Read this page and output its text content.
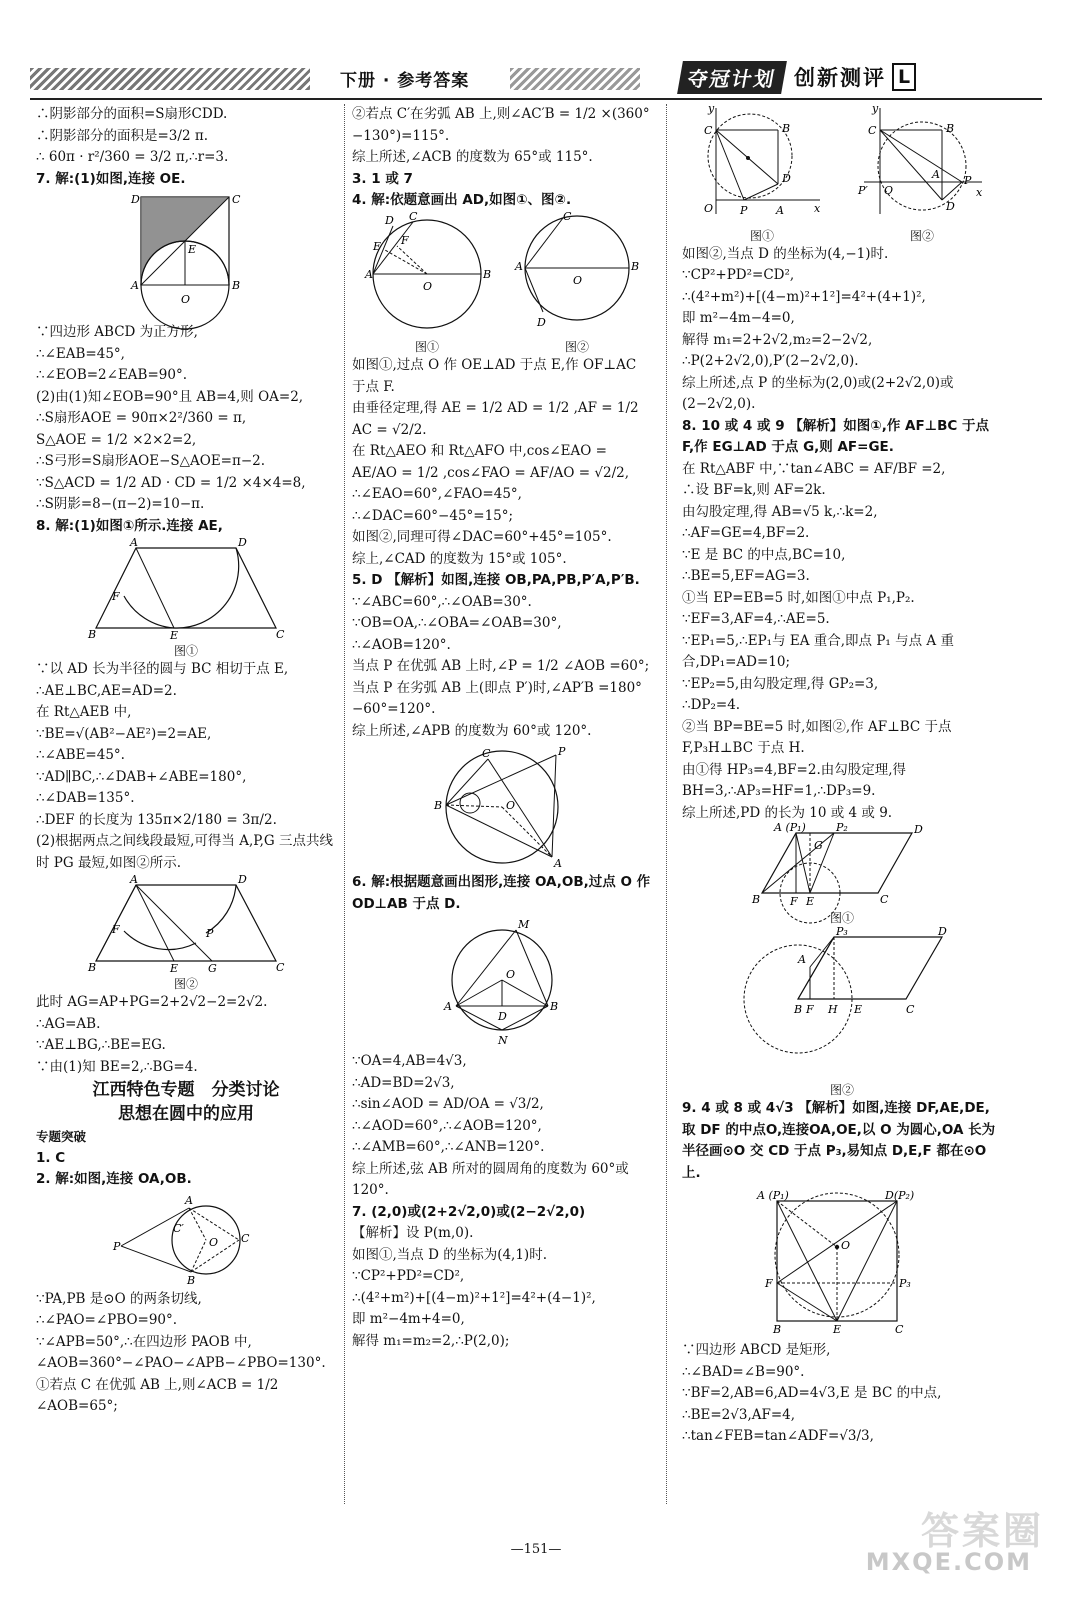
下册 · 参考答案	夺冠计划 创新测评 L

∴阴影部分的面积=S扇形CDD.

∴阴影部分的面积是=3/2 π.

∴ 60π · r²/360 = 3/2 π,∴r=3.

7. 解:(1)如图,连接 OE.

D	C
E
A	B
O

∵四边形 ABCD 为正方形,

∴∠EAB=45°,

∴∠EOB=2∠EAB=90°.

(2)由(1)知∠EOB=90°且 AB=4,则 OA=2,

∴S扇形AOE = 90π×2²/360 = π,

S△AOE = 1/2 ×2×2=2,

∴S弓形=S扇形AOE−S△AOE=π−2.

∵S△ACD = 1/2 AD · CD = 1/2 ×4×4=8,

∴S阴影=8−(π−2)=10−π.

8. 解:(1)如图①所示.连接 AE,

A	D
F
B	E	C

图①

∵以 AD 长为半径的圆与 BC 相切于点 E,

∴AE⊥BC,AE=AD=2.

在 Rt△AEB 中,

∵BE=√(AB²−AE²)=2=AE,

∴∠ABE=45°.

∵AD∥BC,∴∠DAB+∠ABE=180°,

∴∠DAB=135°.

∴DEF 的长度为 135π×2/180 = 3π/2.

(2)根据两点之间线段最短,可得当 A,P,G 三点共线时 PG 最短,如图②所示.

A	D
F	P
B	E	G	C

图②

此时 AG=AP+PG=2+2√2−2=2√2.

∴AG=AB.

∵AE⊥BG,∴BE=EG.

∵由(1)知 BE=2,∴BG=4.

江西特色专题　分类讨论

思想在圆中的应用

专题突破

1. C

2. 解:如图,连接 OA,OB.

A
C′
C
O
P
B

∵PA,PB 是⊙O 的两条切线,

∴∠PAO=∠PBO=90°.

∵∠APB=50°,∴在四边形 PAOB 中,

∠AOB=360°−∠PAO−∠APB−∠PBO=130°.

①若点 C 在优弧 AB 上,则∠ACB = 1/2 ∠AOB=65°;

②若点 C′在劣弧 AB 上,则∠AC′B = 1/2 ×(360°−130°)=115°.

综上所述,∠ACB 的度数为 65°或 115°.

3. 1 或 7

4. 解:依题意画出 AD,如图①、图②.

C
D
E F
A	B
O

图①

C
A	B
O
D

图②

如图①,过点 O 作 OE⊥AD 于点 E,作 OF⊥AC 于点 F.

由垂径定理,得 AE = 1/2 AD = 1/2 ,AF = 1/2 AC = √2/2.

在 Rt△AEO 和 Rt△AFO 中,cos∠EAO = AE/AO = 1/2 ,cos∠FAO = AF/AO = √2/2,

∴∠EAO=60°,∠FAO=45°,

∴∠DAC=60°−45°=15°;

如图②,同理可得∠DAC=60°+45°=105°.

综上,∠CAD 的度数为 15°或 105°.

5. D 【解析】如图,连接 OB,PA,PB,P′A,P′B.

∵∠ABC=60°,∴∠OAB=30°.

∵OB=OA,∴∠OBA=∠OAB=30°,

∴∠AOB=120°.

当点 P 在优弧 AB 上时,∠P = 1/2 ∠AOB =60°;

当点 P 在劣弧 AB 上(即点 P′)时,∠AP′B =180°−60°=120°.

综上所述,∠APB 的度数为 60°或 120°.

C	P
B	O
A

6. 解:根据题意画出图形,连接 OA,OB,过点 O 作 OD⊥AB 于点 D.

M
O
A	B
D
N

∵OA=4,AB=4√3,

∴AD=BD=2√3,

∴sin∠AOD = AD/OA = √3/2,

∴∠AOD=60°,∴∠AOB=120°,

∴∠AMB=60°,∴∠ANB=120°.

综上所述,弦 AB 所对的圆周角的度数为 60°或 120°.

7. (2,0)或(2+2√2,0)或(2−2√2,0)

【解析】设 P(m,0).

如图①,当点 D 的坐标为(4,1)时.

∵CP²+PD²=CD²,

∴(4²+m²)+[(4−m)²+1²]=4²+(4−1)²,

即 m²−4m+4=0,

解得 m₁=m₂=2,∴P(2,0);

y
C	B
D
O P	A	x

图①

y
C	B
P′ O
A P
D
x

图②

如图②,当点 D 的坐标为(4,−1)时.

∵CP²+PD²=CD²,

∴(4²+m²)+[(4−m)²+1²]=4²+(4+1)²,

即 m²−4m−4=0,

解得 m₁=2+2√2,m₂=2−2√2,

∴P(2+2√2,0),P′(2−2√2,0).

综上所述,点 P 的坐标为(2,0)或(2+2√2,0)或(2−2√2,0).

8. 10 或 4 或 9 【解析】如图①,作 AF⊥BC 于点 F,作 EG⊥AD 于点 G,则 AF=GE.

在 Rt△ABF 中,∵tan∠ABC = AF/BF =2,

∴设 BF=k,则 AF=2k.

由勾股定理,得 AB=√5 k,∴k=2,

∴AF=GE=4,BF=2.

∵E 是 BC 的中点,BC=10,

∴BE=5,EF=AG=3.

①当 EP=EB=5 时,如图①中点 P₁,P₂.

∵EF=3,AF=4,∴AE=5.

∵EP₁=5,∴EP₁与 EA 重合,即点 P₁ 与点 A 重合,DP₁=AD=10;

∵EP₂=5,由勾股定理,得 GP₂=3,

∴DP₂=4.

②当 BP=BE=5 时,如图②,作 AF⊥BC 于点 F,P₃H⊥BC 于点 H.

由①得 HP₃=4,BF=2.由勾股定理,得 BH=3,∴AP₃=HF=1,∴DP₃=9.

综上所述,PD 的长为 10 或 4 或 9.

A (P₁)	P₂	D
G
B	F E	C

图①

A
P₃	D
B F H E	C

图②

9. 4 或 8 或 4√3 【解析】如图,连接 DF,AE,DE,取 DF 的中点O,连接OA,OE,以 O 为圆心,OA 长为半径画⊙O 交 CD 于点 P₃,易知点 D,E,F 都在⊙O 上.

A (P₁)	D(P₂)
O
F	P₃
B	E	C

∵四边形 ABCD 是矩形,

∴∠BAD=∠B=90°.

∵BF=2,AB=6,AD=4√3,E 是 BC 的中点,

∴BE=2√3,AF=4,

∴tan∠FEB=tan∠ADF=√3/3,

—151—	答案圈
MXQE.COM
